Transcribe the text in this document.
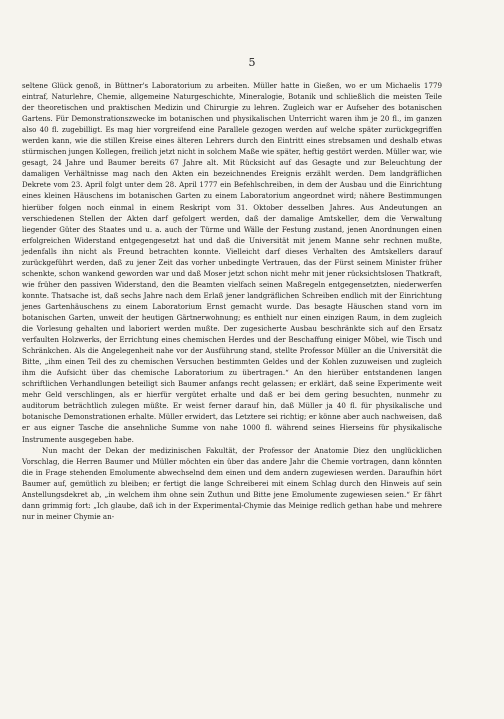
5

seltene Glück genoß, in Büttner's Laboratorium zu arbeiten. Müller hatte in Gießen, wo er um Michaelis 1779 eintraf, Naturlehre, Chemie, allgemeine Naturgeschichte, Mineralogie, Botanik und schließlich die meisten Teile der theoretischen und praktischen Medizin und Chirurgie zu lehren. Zugleich war er Aufseher des botanischen Gartens. Für Demonstrationszwecke im botanischen und physikalischen Unterricht waren ihm je 20 fl., im ganzen also 40 fl. zugebilligt. Es mag hier vorgreifend eine Parallele gezogen werden auf welche später zurückgegriffen werden kann, wie die stillen Kreise eines älteren Lehrers durch den Eintritt eines strebsamen und deshalb etwas stürmischen jungen Kollegen, freilich jetzt nicht in solchem Maße wie später, heftig gestört werden. Müller war, wie gesagt, 24 Jahre und Baumer bereits 67 Jahre alt. Mit Rücksicht auf das Gesagte und zur Beleuchtung der damaligen Verhältnisse mag nach den Akten ein bezeichnendes Ereignis erzählt werden. Dem landgräflichen Dekrete vom 23. April folgt unter dem 28. April 1777 ein Befehlschreiben, in dem der Ausbau und die Einrichtung eines kleinen Häuschens im botanischen Garten zu einem Laboratorium angeordnet wird; nähere Bestimmungen hierüber folgen noch einmal in einem Reskript vom 31. Oktober desselben Jahres. Aus Andeutungen an verschiedenen Stellen der Akten darf gefolgert werden, daß der damalige Amtskeller, dem die Verwaltung liegender Güter des Staates und u. a. auch der Türme und Wälle der Festung zustand, jenen Anordnungen einen erfolgreichen Widerstand entgegengesetzt hat und daß die Universität mit jenem Manne sehr rechnen mußte, jedenfalls ihn nicht als Freund betrachten konnte. Vielleicht darf dieses Verhalten des Amtskellers darauf zurückgeführt werden, daß zu jener Zeit das vorher unbedingte Vertrauen, das der Fürst seinem Minister früher schenkte, schon wankend geworden war und daß Moser jetzt schon nicht mehr mit jener rücksichtslosen Thatkraft, wie früher den passiven Widerstand, den die Beamten vielfach seinen Maßregeln entgegensetzten, niederwerfen konnte. Thatsache ist, daß sechs Jahre nach dem Erlaß jener landgräflichen Schreiben endlich mit der Einrichtung jenes Gartenhäuschens zu einem Laboratorium Ernst gemacht wurde. Das besagte Häuschen stand vorn im botanischen Garten, unweit der heutigen Gärtnerwohnung; es enthielt nur einen einzigen Raum, in dem zugleich die Vorlesung gehalten und laboriert werden mußte. Der zugesicherte Ausbau beschränkte sich auf den Ersatz verfaulten Holzwerks, der Errichtung eines chemischen Herdes und der Beschaffung einiger Möbel, wie Tisch und Schränkchen. Als die Angelegenheit nahe vor der Ausführung stand, stellte Professor Müller an die Universität die Bitte, „ihm einen Teil des zu chemischen Versuchen bestimmten Geldes und der Kohlen zuzuweisen und zugleich ihm die Aufsicht über das chemische Laboratorium zu übertragen.“ An den hierüber entstandenen langen schriftlichen Verhandlungen beteiligt sich Baumer anfangs recht gelassen; er erklärt, daß seine Experimente weit mehr Geld verschlingen, als er hierfür vergütet erhalte und daß er bei dem gering besuchten, nunmehr zu auditorum beträchtlich zulegen müßte. Er weist ferner darauf hin, daß Müller ja 40 fl. für physikalische und botanische Demonstrationen erhalte. Müller erwidert, das Letztere sei richtig; er könne aber auch nachweisen, daß er aus eigner Tasche die ansehnliche Summe von nahe 1000 fl. während seines Hierseins für physikalische Instrumente ausgegeben habe.

Nun macht der Dekan der medizinischen Fakultät, der Professor der Anatomie Diez den unglücklichen Vorschlag, die Herren Baumer und Müller möchten ein über das andere Jahr die Chemie vortragen, dann könnten die in Frage stehenden Emolumente abwechselnd dem einen und dem andern zugewiesen werden. Daraufhin hört Baumer auf, gemütlich zu bleiben; er fertigt die lange Schreiberei mit einem Schlag durch den Hinweis auf sein Anstellungsdekret ab, „in welchem ihm ohne sein Zuthun und Bitte jene Emolumente zugewiesen seien.“ Er fährt dann grimmig fort: „Ich glaube, daß ich in der Experimental-Chymie das Meinige redlich gethan habe und mehrere nur in meiner Chymie an-
